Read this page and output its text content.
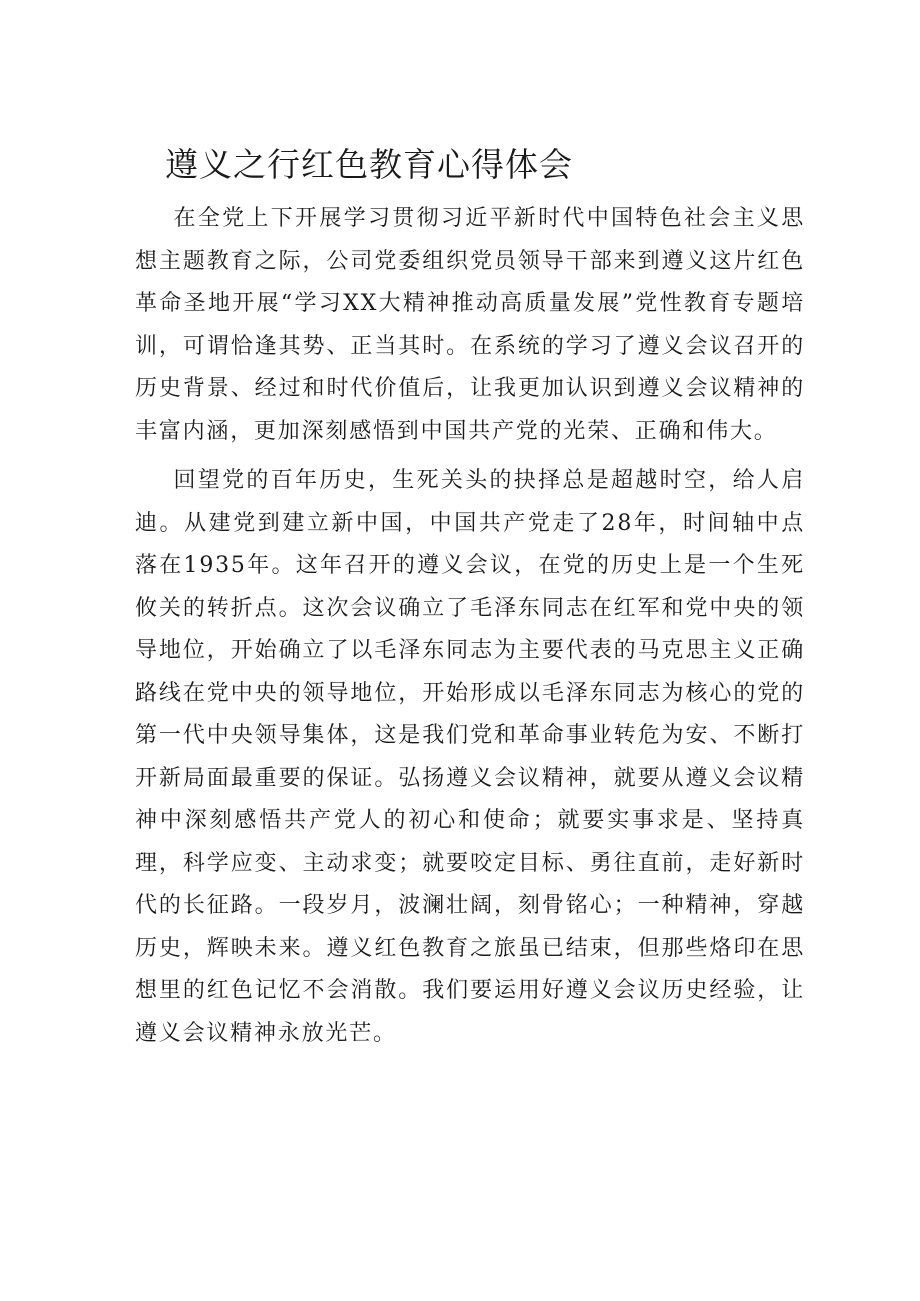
遵义之行红色教育心得体会

在全党上下开展学习贯彻习近平新时代中国特色社会主义思想主题教育之际，公司党委组织党员领导干部来到遵义这片红色革命圣地开展“学习XX大精神推动高质量发展”党性教育专题培训，可谓恰逢其势、正当其时。在系统的学习了遵义会议召开的历史背景、经过和时代价值后，让我更加认识到遵义会议精神的丰富内涵，更加深刻感悟到中国共产党的光荣、正确和伟大。

回望党的百年历史，生死关头的抉择总是超越时空，给人启迪。从建党到建立新中国，中国共产党走了28年，时间轴中点落在1935年。这年召开的遵义会议，在党的历史上是一个生死攸关的转折点。这次会议确立了毛泽东同志在红军和党中央的领导地位，开始确立了以毛泽东同志为主要代表的马克思主义正确路线在党中央的领导地位，开始形成以毛泽东同志为核心的党的第一代中央领导集体，这是我们党和革命事业转危为安、不断打开新局面最重要的保证。弘扬遵义会议精神，就要从遵义会议精神中深刻感悟共产党人的初心和使命；就要实事求是、坚持真理，科学应变、主动求变；就要咬定目标、勇往直前，走好新时代的长征路。一段岁月，波澜壮阔，刻骨铭心；一种精神，穿越历史，辉映未来。遵义红色教育之旅虽已结束，但那些烙印在思想里的红色记忆不会消散。我们要运用好遵义会议历史经验，让遵义会议精神永放光芒。
